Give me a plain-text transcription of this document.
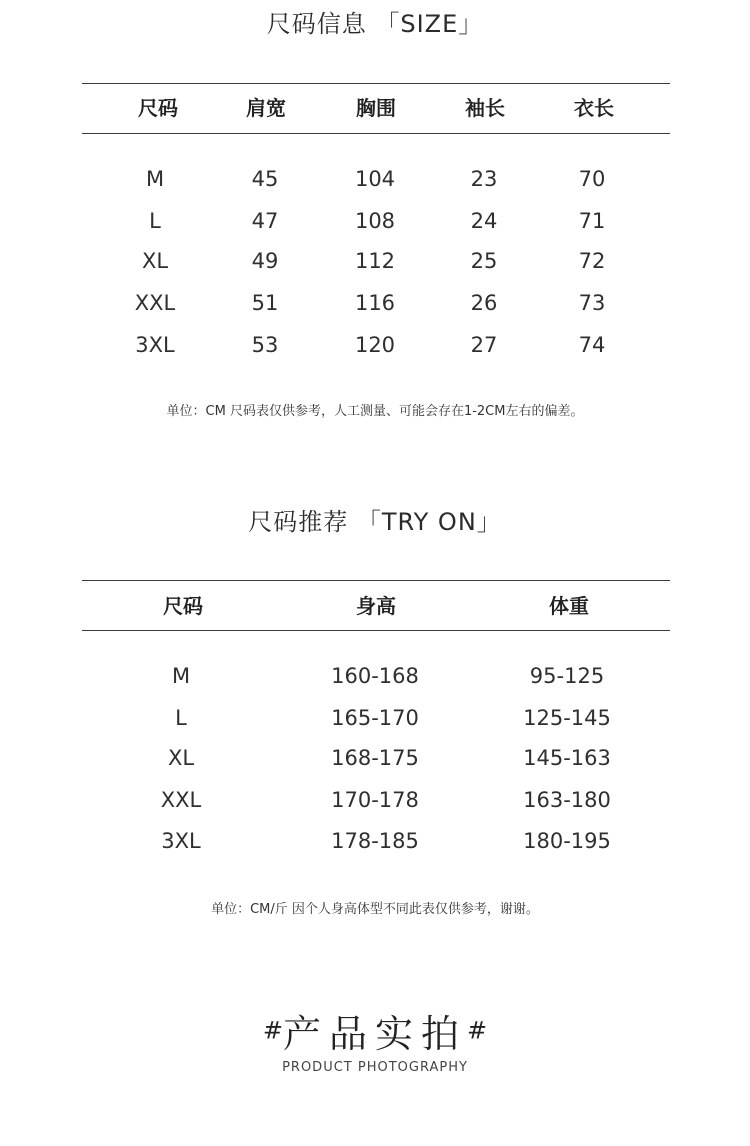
尺码信息 「SIZE」
尺码	肩宽	胸围	袖长	衣长
M	45	104	23	70
L	47	108	24	71
XL	49	112	25	72
XXL	51	116	26	73
3XL	53	120	27	74
单位：CM 尺码表仅供参考，人工测量、可能会存在1-2CM左右的偏差。
尺码推荐 「TRY ON」
尺码	身高	体重
M	160-168	95-125
L	165-170	125-145
XL	168-175	145-163
XXL	170-178	163-180
3XL	178-185	180-195
单位：CM/斤 因个人身高体型不同此表仅供参考，谢谢。
#产品实拍#
PRODUCT PHOTOGRAPHY
